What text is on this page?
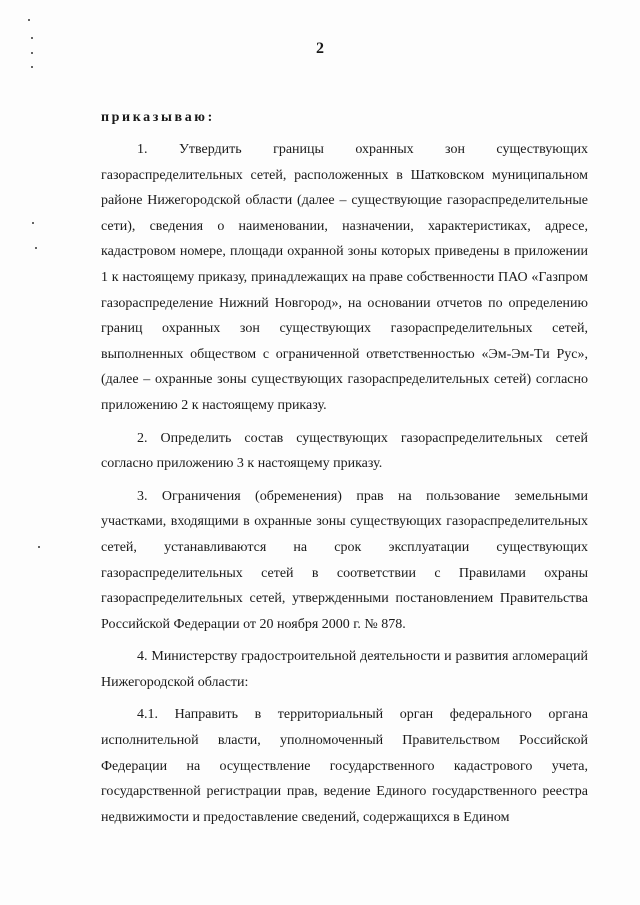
2
приказываю:

1. Утвердить границы охранных зон существующих газораспределительных сетей, расположенных в Шатковском муниципальном районе Нижегородской области (далее – существующие газораспределительные сети), сведения о наименовании, назначении, характеристиках, адресе, кадастровом номере, площади охранной зоны которых приведены в приложении 1 к настоящему приказу, принадлежащих на праве собственности ПАО «Газпром газораспределение Нижний Новгород», на основании отчетов по определению границ охранных зон существующих газораспределительных сетей, выполненных обществом с ограниченной ответственностью «Эм-Эм-Ти Рус», (далее – охранные зоны существующих газораспределительных сетей) согласно приложению 2 к настоящему приказу.

2. Определить состав существующих газораспределительных сетей согласно приложению 3 к настоящему приказу.

3. Ограничения (обременения) прав на пользование земельными участками, входящими в охранные зоны существующих газораспределительных сетей, устанавливаются на срок эксплуатации существующих газораспределительных сетей в соответствии с Правилами охраны газораспределительных сетей, утвержденными постановлением Правительства Российской Федерации от 20 ноября 2000 г. № 878.

4. Министерству градостроительной деятельности и развития агломераций Нижегородской области:

4.1. Направить в территориальный орган федерального органа исполнительной власти, уполномоченный Правительством Российской Федерации на осуществление государственного кадастрового учета, государственной регистрации прав, ведение Единого государственного реестра недвижимости и предоставление сведений, содержащихся в Едином
